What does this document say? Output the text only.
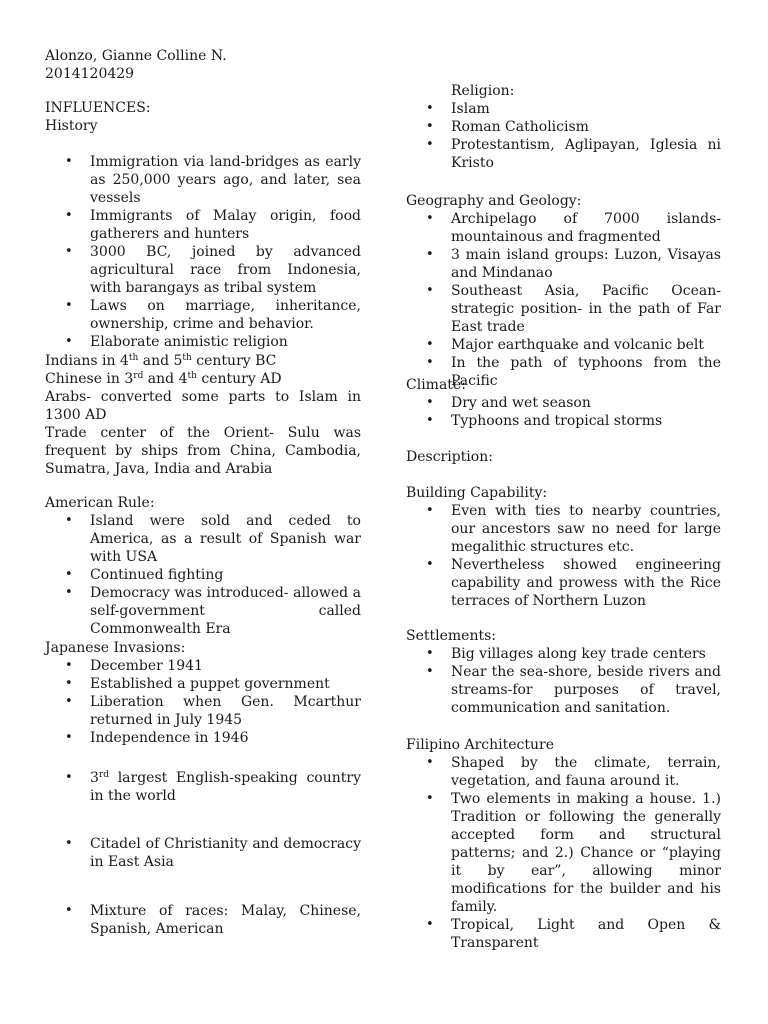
Alonzo, Gianne Colline N.
2014120429
INFLUENCES:
History
• Immigration via land-bridges as early as 250,000 years ago, and later, sea vessels
• Immigrants of Malay origin, food gatherers and hunters
• 3000 BC, joined by advanced agricultural race from Indonesia, with barangays as tribal system
• Laws on marriage, inheritance, ownership, crime and behavior.
• Elaborate animistic religion
Indians in 4th and 5th century BC
Chinese in 3rd and 4th century AD
Arabs- converted some parts to Islam in 1300 AD
Trade center of the Orient- Sulu was frequent by ships from China, Cambodia, Sumatra, Java, India and Arabia
American Rule:
• Island were sold and ceded to America, as a result of Spanish war with USA
• Continued fighting
• Democracy was introduced- allowed a self-government called Commonwealth Era
Japanese Invasions:
• December 1941
• Established a puppet government
• Liberation when Gen. Mcarthur returned in July 1945
• Independence in 1946
• 3rd largest English-speaking country in the world
• Citadel of Christianity and democracy in East Asia
• Mixture of races: Malay, Chinese, Spanish, American
Religion:
• Islam
• Roman Catholicism
• Protestantism, Aglipayan, Iglesia ni Kristo
Geography and Geology:
• Archipelago of 7000 islands- mountainous and fragmented
• 3 main island groups: Luzon, Visayas and Mindanao
• Southeast Asia, Pacific Ocean- strategic position- in the path of Far East trade
• Major earthquake and volcanic belt
• In the path of typhoons from the Pacific
Climate:
• Dry and wet season
• Typhoons and tropical storms
Description:
Building Capability:
• Even with ties to nearby countries, our ancestors saw no need for large megalithic structures etc.
• Nevertheless showed engineering capability and prowess with the Rice terraces of Northern Luzon
Settlements:
• Big villages along key trade centers
• Near the sea-shore, beside rivers and streams-for purposes of travel, communication and sanitation.
Filipino Architecture
• Shaped by the climate, terrain, vegetation, and fauna around it.
• Two elements in making a house. 1.) Tradition or following the generally accepted form and structural patterns; and 2.) Chance or “playing it by ear”, allowing minor modifications for the builder and his family.
• Tropical, Light and Open & Transparent
